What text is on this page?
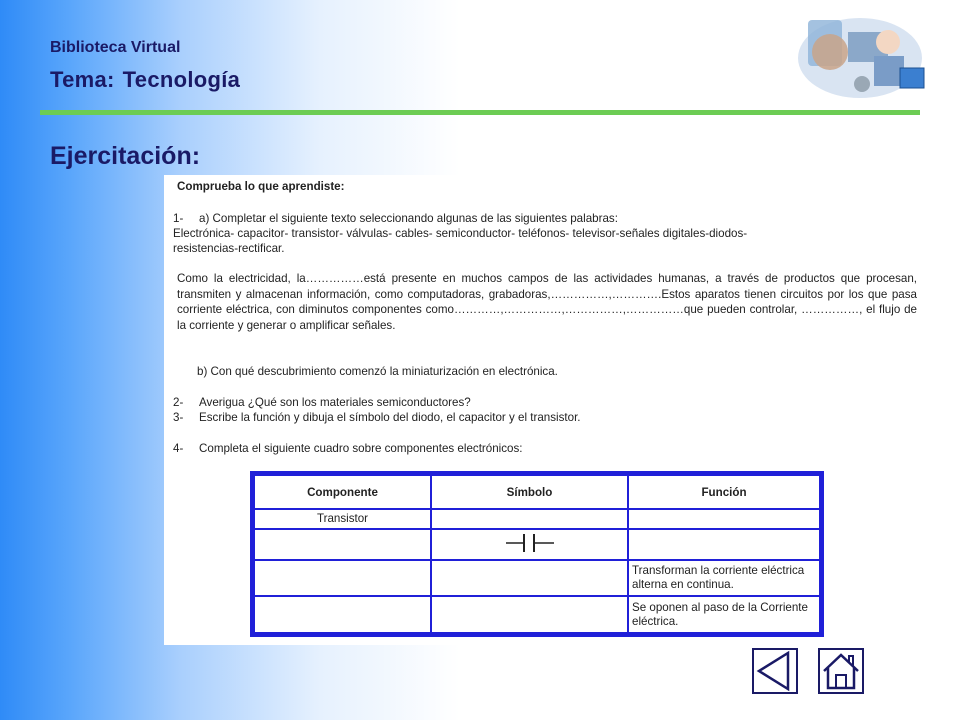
Biblioteca Virtual
Tema: Tecnología
Ejercitación:
Comprueba lo que aprendiste:
1- a) Completar el siguiente texto seleccionando algunas de las siguientes palabras:
Electrónica- capacitor- transistor- válvulas- cables- semiconductor- teléfonos- televisor-señales digitales-diodos-
resistencias-rectificar.
Como la electricidad, la……………está presente en muchos campos de las actividades humanas, a través de productos que procesan, transmiten y almacenan información, como computadoras, grabadoras,……………,………….Estos aparatos tienen circuitos por los que pasa corriente eléctrica, con diminutos componentes como…………,……………,……………,……………que pueden controlar, ……………, el flujo de la corriente y generar o amplificar señales.
b) Con qué descubrimiento comenzó la miniaturización en electrónica.
2- Averigua ¿Qué son los materiales semiconductores?
3- Escribe la función y dibuja el símbolo del diodo, el capacitor y el transistor.
4- Completa el siguiente cuadro sobre componentes electrónicos:
Componente	Símbolo	Función
Transistor		

		Transforman la corriente eléctrica alterna en continua.
		Se oponen al paso de la Corriente eléctrica.
